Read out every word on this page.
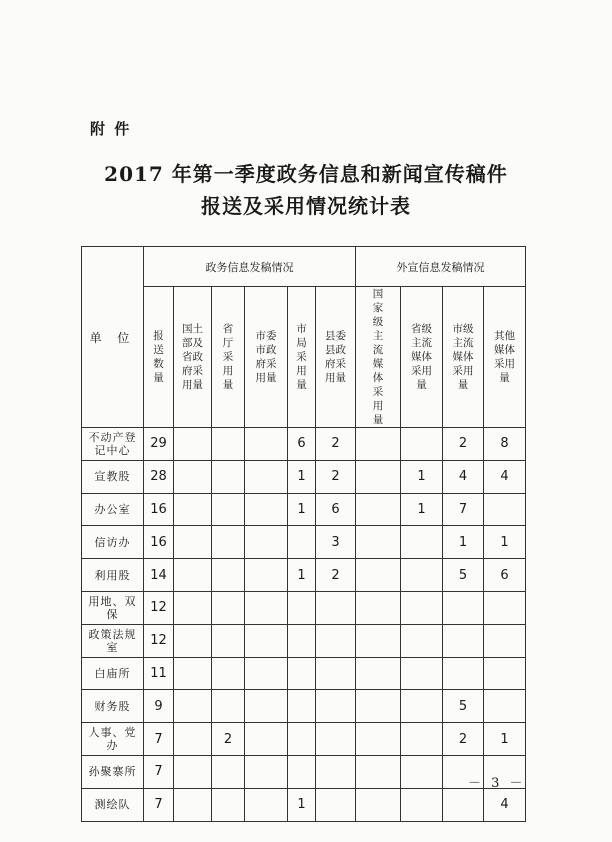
附 件
2017 年第一季度政务信息和新闻宣传稿件
报送及采用情况统计表
单 位	政务信息发稿情况						外宣信息发稿情况			
	报送数量	国土部及省政府采用量	省厅采用量	市委市政府采用量	市局采用量	县委县政府采用量	国家级主流媒体采用量	省级主流媒体采用量	市级主流媒体采用量	其他媒体采用量
不动产登记中心	29				6	2			2	8
宣教股	28				1	2		1	4	4
办公室	16				1	6		1	7	
信访办	16					3			1	1
利用股	14				1	2			5	6
用地、双保	12									
政策法规室	12									
白庙所	11									
财务股	9								5	
人事、党办	7		2						2	1
孙聚寨所	7									
测绘队	7				1					4
－ 3 －
